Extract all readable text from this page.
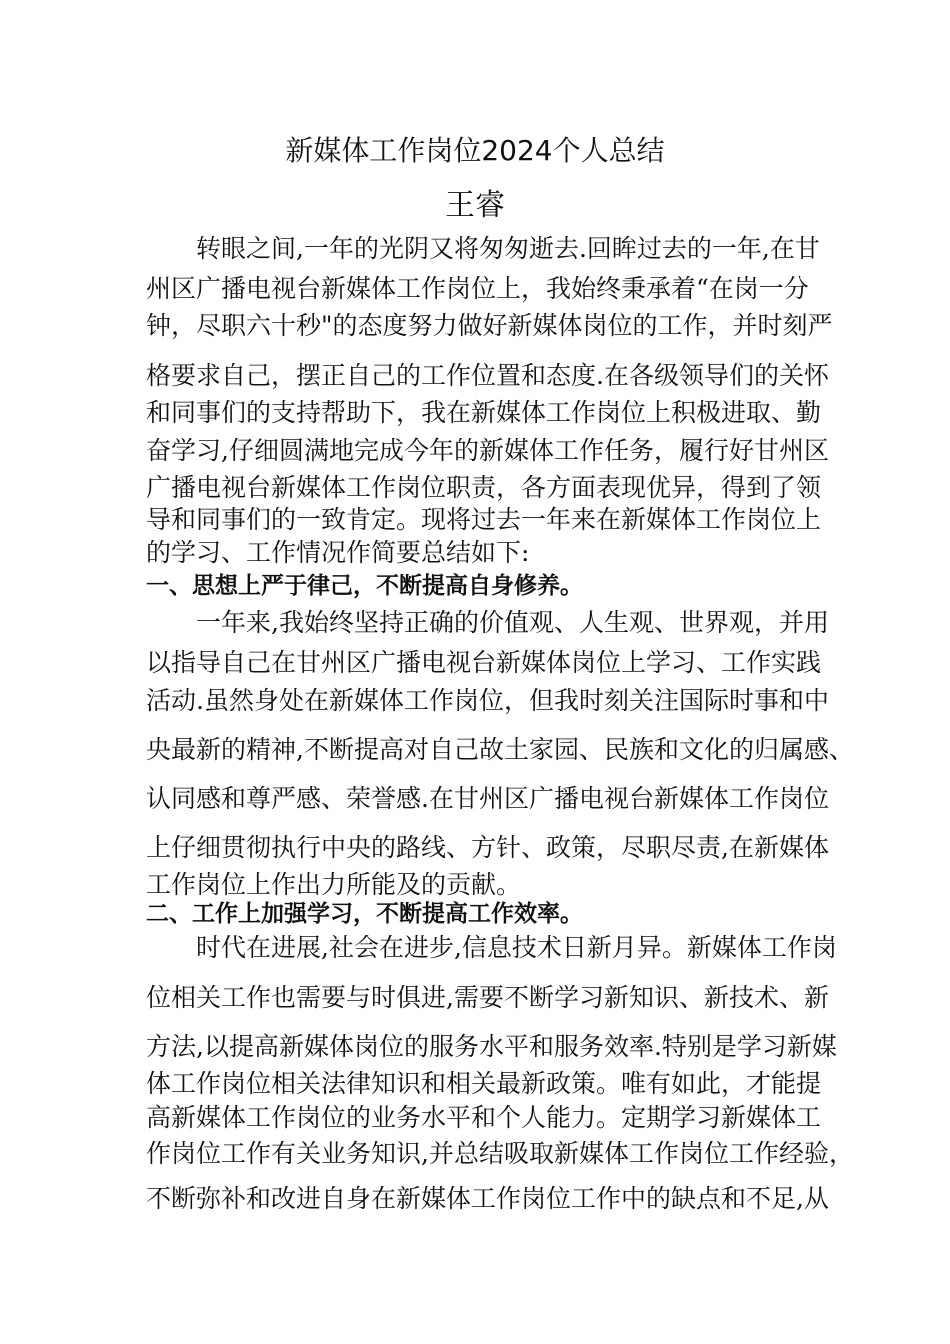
新媒体工作岗位2024个人总结
王睿
　　转眼之间,一年的光阴又将匆匆逝去.回眸过去的一年,在甘
州区广播电视台新媒体工作岗位上，我始终秉承着“在岗一分
钟，尽职六十秒"的态度努力做好新媒体岗位的工作，并时刻严
格要求自己，摆正自己的工作位置和态度.在各级领导们的关怀
和同事们的支持帮助下，我在新媒体工作岗位上积极进取、勤
奋学习,仔细圆满地完成今年的新媒体工作任务，履行好甘州区
广播电视台新媒体工作岗位职责，各方面表现优异，得到了领
导和同事们的一致肯定。现将过去一年来在新媒体工作岗位上
的学习、工作情况作简要总结如下:
一、思想上严于律己，不断提高自身修养。
　　一年来,我始终坚持正确的价值观、人生观、世界观，并用
以指导自己在甘州区广播电视台新媒体岗位上学习、工作实践
活动.虽然身处在新媒体工作岗位，但我时刻关注国际时事和中
央最新的精神,不断提高对自己故土家园、民族和文化的归属感、
认同感和尊严感、荣誉感.在甘州区广播电视台新媒体工作岗位
上仔细贯彻执行中央的路线、方针、政策，尽职尽责,在新媒体
工作岗位上作出力所能及的贡献。
二、工作上加强学习，不断提高工作效率。
　　时代在进展,社会在进步,信息技术日新月异。新媒体工作岗
位相关工作也需要与时俱进,需要不断学习新知识、新技术、新
方法,以提高新媒体岗位的服务水平和服务效率.特别是学习新媒
体工作岗位相关法律知识和相关最新政策。唯有如此，才能提
高新媒体工作岗位的业务水平和个人能力。定期学习新媒体工
作岗位工作有关业务知识,并总结吸取新媒体工作岗位工作经验，
不断弥补和改进自身在新媒体工作岗位工作中的缺点和不足,从
